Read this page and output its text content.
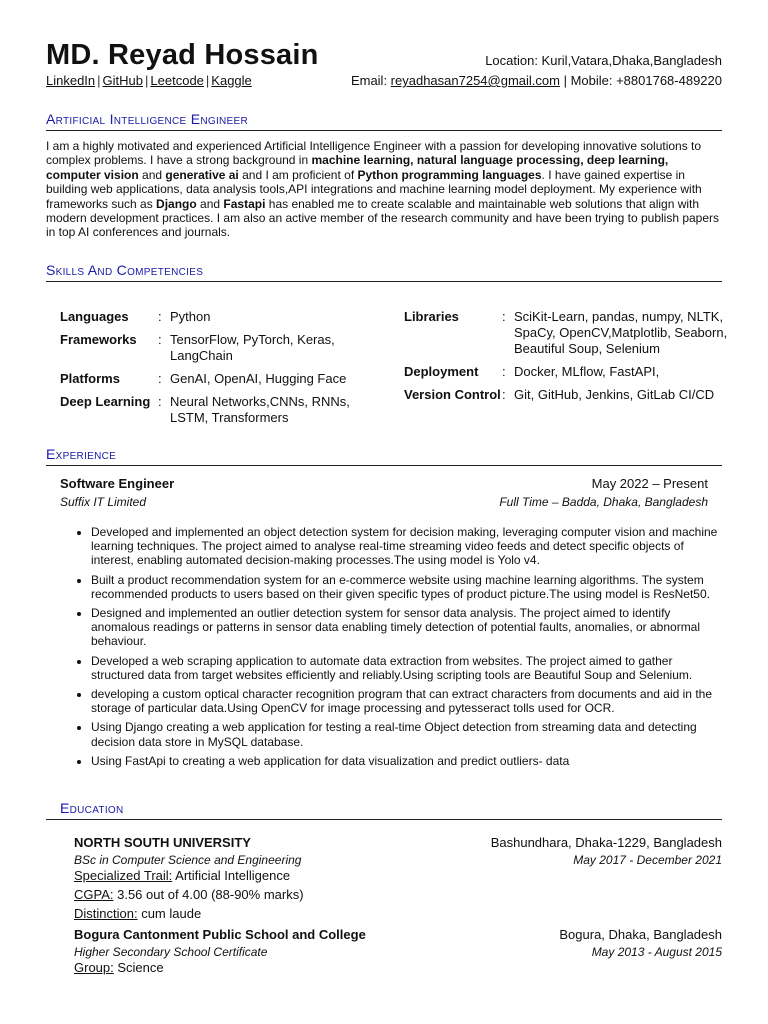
MD. Reyad Hossain
LinkedIn | GitHub | Leetcode | Kaggle
Location: Kuril,Vatara,Dhaka,Bangladesh
Email: reyadhasan7254@gmail.com | Mobile: +8801768-489220
Artificial Intelligence Engineer

I am a highly motivated and experienced Artificial Intelligence Engineer with a passion for developing innovative solutions to complex problems. I have a strong background in machine learning, natural language processing, deep learning, computer vision and generative ai and I am proficient of Python programming languages. I have gained expertise in building web applications, data analysis tools,API integrations and machine learning model deployment. My experience with frameworks such as Django and Fastapi has enabled me to create scalable and maintainable web solutions that align with modern development practices. I am also an active member of the research community and have been trying to publish papers in top AI conferences and journals.

Skills And Competencies
Languages	: Python
Frameworks	: TensorFlow, PyTorch, Keras, LangChain
Platforms	: GenAI, OpenAI, Hugging Face
Deep Learning : Neural Networks,CNNs, RNNs, LSTM, Transformers
Libraries	: SciKit-Learn, pandas, numpy, NLTK, SpaCy, OpenCV,Matplotlib, Seaborn, Beautiful Soup, Selenium
Deployment	: Docker, MLflow, FastAPI,
Version Control : Git, GitHub, Jenkins, GitLab CI/CD
Experience
Software Engineer	May 2022 – Present
Suffix IT Limited	Full Time – Badda, Dhaka, Bangladesh
• Developed and implemented an object detection system for decision making, leveraging computer vision and machine learning techniques. The project aimed to analyse real-time streaming video feeds and detect specific objects of interest, enabling automated decision-making processes.The using model is Yolo v4.
• Built a product recommendation system for an e-commerce website using machine learning algorithms. The system recommended products to users based on their given specific types of product picture.The using model is ResNet50.
• Designed and implemented an outlier detection system for sensor data analysis. The project aimed to identify anomalous readings or patterns in sensor data enabling timely detection of potential faults, anomalies, or abnormal behaviour.
• Developed a web scraping application to automate data extraction from websites. The project aimed to gather structured data from target websites efficiently and reliably.Using scripting tools are Beautiful Soup and Selenium.
• developing a custom optical character recognition program that can extract characters from documents and aid in the storage of particular data.Using OpenCV for image processing and pytesseract tolls used for OCR.
• Using Django creating a web application for testing a real-time Object detection from streaming data and detecting decision data store in MySQL database.
• Using FastApi to creating a web application for data visualization and predict outliers- data
Education
NORTH SOUTH UNIVERSITY	Bashundhara, Dhaka-1229, Bangladesh
BSc in Computer Science and Engineering	May 2017 - December 2021
Specialized Trail: Artificial Intelligence
CGPA: 3.56 out of 4.00 (88-90% marks)
Distinction: cum laude
Bogura Cantonment Public School and College	Bogura, Dhaka, Bangladesh
Higher Secondary School Certificate	May 2013 - August 2015
Group: Science
